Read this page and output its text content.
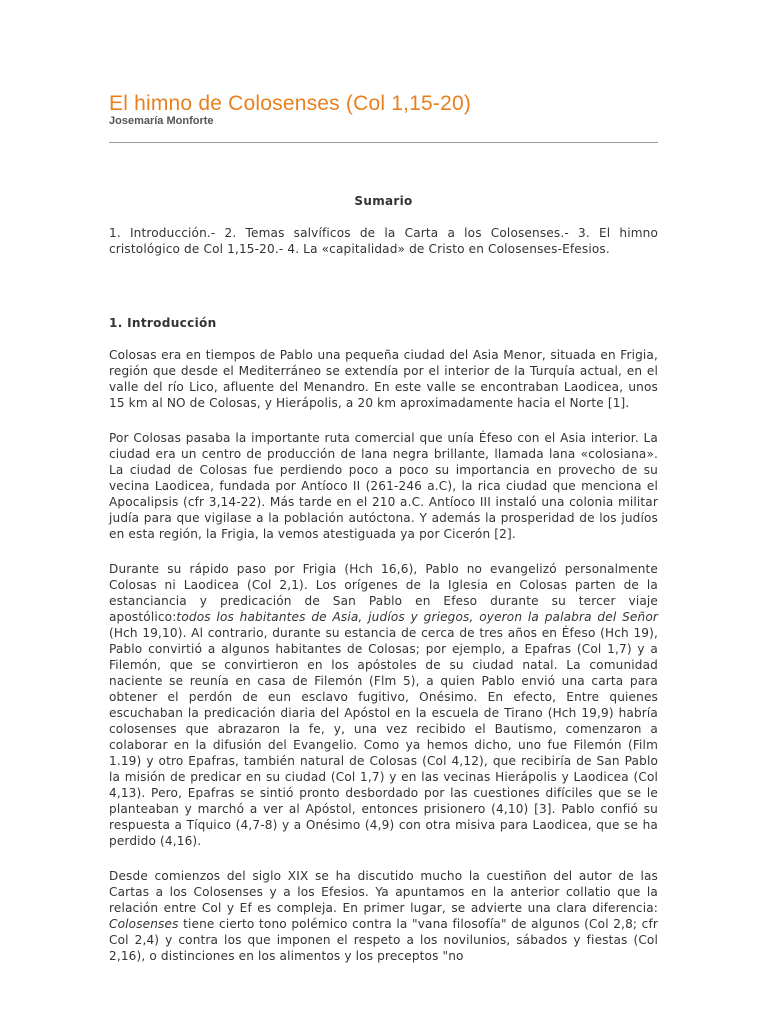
El himno de Colosenses (Col 1,15-20)
Josemaría Monforte
Sumario

1. Introducción.- 2. Temas salvíficos de la Carta a los Colosenses.- 3. El himno cristológico de Col 1,15-20.- 4. La «capitalidad» de Cristo en Colosenses-Efesios.

1. Introducción

Colosas era en tiempos de Pablo una pequeña ciudad del Asia Menor, situada en Frigia, región que desde el Mediterráneo se extendía por el interior de la Turquía actual, en el valle del río Lico, afluente del Menandro. En este valle se encontraban Laodicea, unos 15 km al NO de Colosas, y Hierápolis, a 20 km aproximadamente hacia el Norte [1].

Por Colosas pasaba la importante ruta comercial que unía Éfeso con el Asia interior. La ciudad era un centro de producción de lana negra brillante, llamada lana «colosiana». La ciudad de Colosas fue perdiendo poco a poco su importancia en provecho de su vecina Laodicea, fundada por Antíoco II (261-246 a.C), la rica ciudad que menciona el Apocalipsis (cfr 3,14-22). Más tarde en el 210 a.C. Antíoco III instaló una colonia militar judía para que vigilase a la población autóctona. Y además la prosperidad de los judíos en esta región, la Frigia, la vemos atestiguada ya por Cicerón [2].

Durante su rápido paso por Frigia (Hch 16,6), Pablo no evangelizó personalmente Colosas ni Laodicea (Col 2,1). Los orígenes de la Iglesia en Colosas parten de la estanciancia y predicación de San Pablo en Efeso durante su tercer viaje apostólico:todos los habitantes de Asia, judíos y griegos, oyeron la palabra del Señor (Hch 19,10). Al contrario, durante su estancia de cerca de tres años en Éfeso (Hch 19), Pablo convirtió a algunos habitantes de Colosas; por ejemplo, a Epafras (Col 1,7) y a Filemón, que se convirtieron en los apóstoles de su ciudad natal. La comunidad naciente se reunía en casa de Filemón (Flm 5), a quien Pablo envió una carta para obtener el perdón de eun esclavo fugitivo, Onésimo. En efecto, Entre quienes escuchaban la predicación diaria del Apóstol en la escuela de Tirano (Hch 19,9) habría colosenses que abrazaron la fe, y, una vez recibido el Bautismo, comenzaron a colaborar en la difusión del Evangelio. Como ya hemos dicho, uno fue Filemón (Film 1.19) y otro Epafras, también natural de Colosas (Col 4,12), que recibiría de San Pablo la misión de predicar en su ciudad (Col 1,7) y en las vecinas Hierápolis y Laodicea (Col 4,13). Pero, Epafras se sintió pronto desbordado por las cuestiones difíciles que se le planteaban y marchó a ver al Apóstol, entonces prisionero (4,10) [3]. Pablo confió su respuesta a Tíquico (4,7-8) y a Onésimo (4,9) con otra misiva para Laodicea, que se ha perdido (4,16).

Desde comienzos del siglo XIX se ha discutido mucho la cuestiñon del autor de las Cartas a los Colosenses y a los Efesios. Ya apuntamos en la anterior collatio que la relación entre Col y Ef es compleja. En primer lugar, se advierte una clara diferencia: Colosenses tiene cierto tono polémico contra la "vana filosofía" de algunos (Col 2,8; cfr Col 2,4) y contra los que imponen el respeto a los novilunios, sábados y fiestas (Col 2,16), o distinciones en los alimentos y los preceptos "no
